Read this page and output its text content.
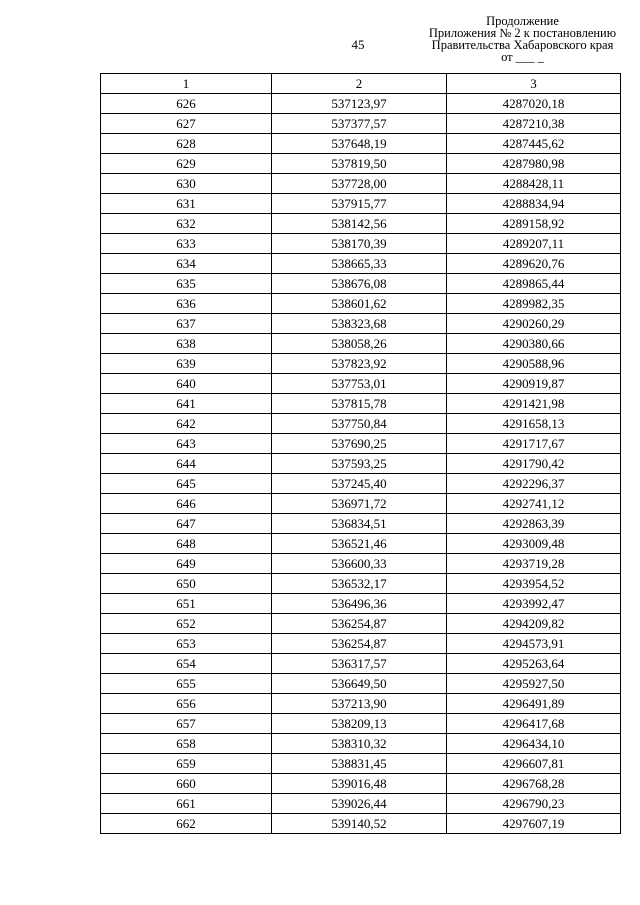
45
Продолжение
Приложения № 2 к постановлению
Правительства Хабаровского края
от ___ _
1	2	3
626	537123,97	4287020,18
627	537377,57	4287210,38
628	537648,19	4287445,62
629	537819,50	4287980,98
630	537728,00	4288428,11
631	537915,77	4288834,94
632	538142,56	4289158,92
633	538170,39	4289207,11
634	538665,33	4289620,76
635	538676,08	4289865,44
636	538601,62	4289982,35
637	538323,68	4290260,29
638	538058,26	4290380,66
639	537823,92	4290588,96
640	537753,01	4290919,87
641	537815,78	4291421,98
642	537750,84	4291658,13
643	537690,25	4291717,67
644	537593,25	4291790,42
645	537245,40	4292296,37
646	536971,72	4292741,12
647	536834,51	4292863,39
648	536521,46	4293009,48
649	536600,33	4293719,28
650	536532,17	4293954,52
651	536496,36	4293992,47
652	536254,87	4294209,82
653	536254,87	4294573,91
654	536317,57	4295263,64
655	536649,50	4295927,50
656	537213,90	4296491,89
657	538209,13	4296417,68
658	538310,32	4296434,10
659	538831,45	4296607,81
660	539016,48	4296768,28
661	539026,44	4296790,23
662	539140,52	4297607,19
